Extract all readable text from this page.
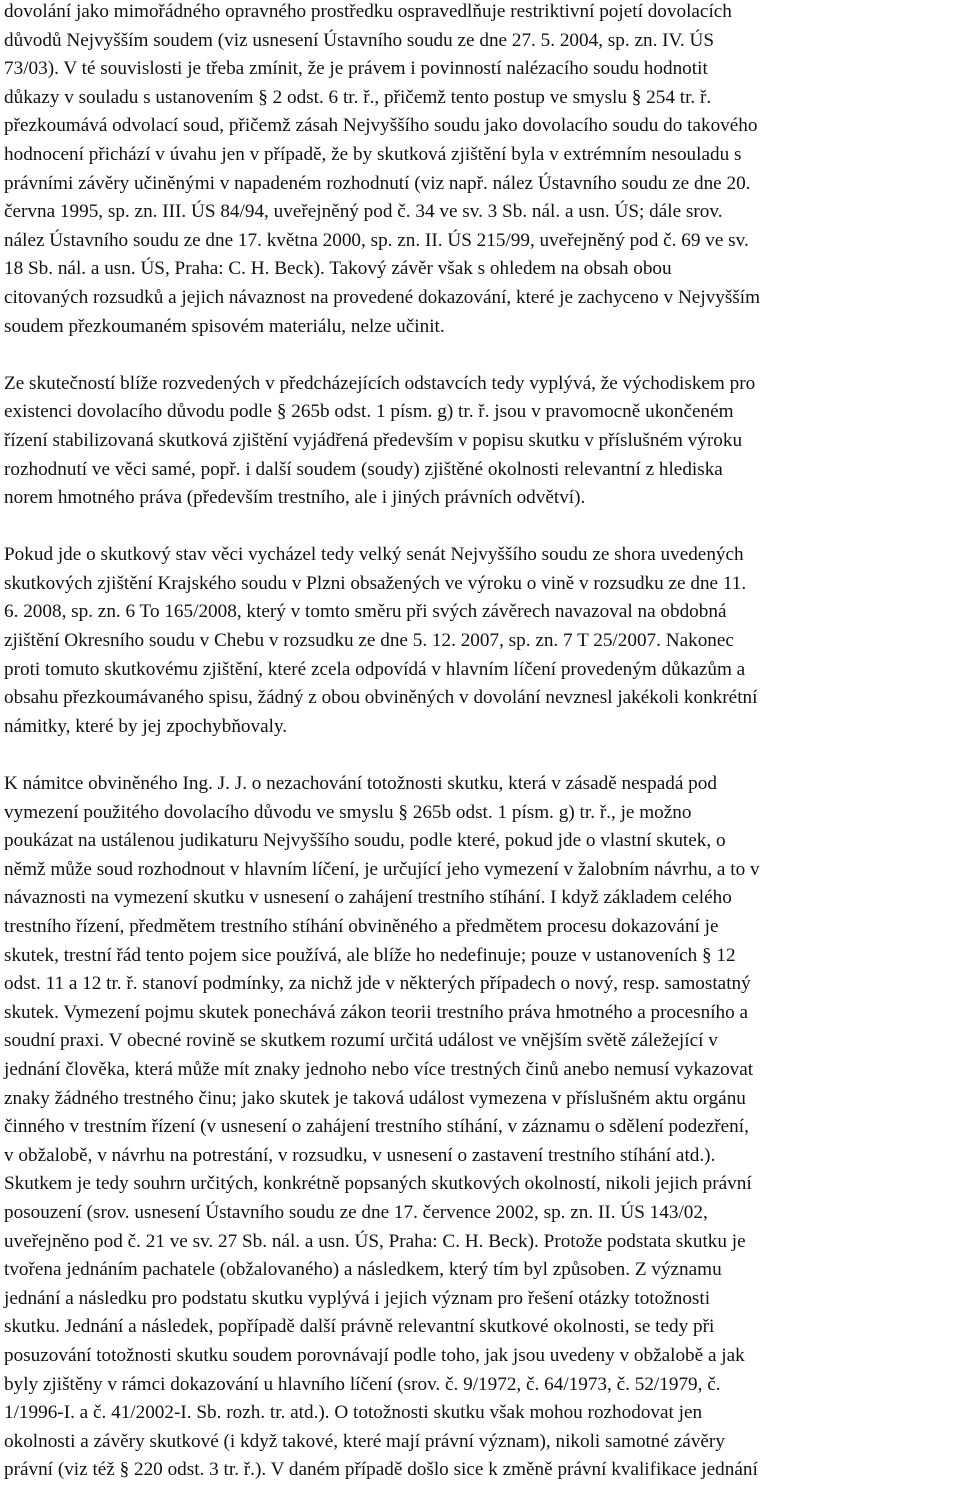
dovolání jako mimořádného opravného prostředku ospravedlňuje restriktivní pojetí dovolacích
důvodů Nejvyšším soudem (viz usnesení Ústavního soudu ze dne 27. 5. 2004, sp. zn. IV. ÚS
73/03). V té souvislosti je třeba zmínit, že je právem i povinností nalézacího soudu hodnotit
důkazy v souladu s ustanovením § 2 odst. 6 tr. ř., přičemž tento postup ve smyslu § 254 tr. ř.
přezkoumává odvolací soud, přičemž zásah Nejvyššího soudu jako dovolacího soudu do takového
hodnocení přichází v úvahu jen v případě, že by skutková zjištění byla v extrémním nesouladu s
právními závěry učiněnými v napadeném rozhodnutí (viz např. nález Ústavního soudu ze dne 20.
června 1995, sp. zn. III. ÚS 84/94, uveřejněný pod č. 34 ve sv. 3 Sb. nál. a usn. ÚS; dále srov.
nález Ústavního soudu ze dne 17. května 2000, sp. zn. II. ÚS 215/99, uveřejněný pod č. 69 ve sv.
18 Sb. nál. a usn. ÚS, Praha: C. H. Beck). Takový závěr však s ohledem na obsah obou
citovaných rozsudků a jejich návaznost na provedené dokazování, které je zachyceno v Nejvyšším
soudem přezkoumaném spisovém materiálu, nelze učinit.
Ze skutečností blíže rozvedených v předcházejících odstavcích tedy vyplývá, že východiskem pro
existenci dovolacího důvodu podle § 265b odst. 1 písm. g) tr. ř. jsou v pravomocně ukončeném
řízení stabilizovaná skutková zjištění vyjádřená především v popisu skutku v příslušném výroku
rozhodnutí ve věci samé, popř. i další soudem (soudy) zjištěné okolnosti relevantní z hlediska
norem hmotného práva (především trestního, ale i jiných právních odvětví).
Pokud jde o skutkový stav věci vycházel tedy velký senát Nejvyššího soudu ze shora uvedených
skutkových zjištění Krajského soudu v Plzni obsažených ve výroku o vině v rozsudku ze dne 11.
6. 2008, sp. zn. 6 To 165/2008, který v tomto směru při svých závěrech navazoval na obdobná
zjištění Okresního soudu v Chebu v rozsudku ze dne 5. 12. 2007, sp. zn. 7 T 25/2007. Nakonec
proti tomuto skutkovému zjištění, které zcela odpovídá v hlavním líčení provedeným důkazům a
obsahu přezkoumávaného spisu, žádný z obou obviněných v dovolání nevznesl jakékoli konkrétní
námitky, které by jej zpochybňovaly.
K námitce obviněného Ing. J. J. o nezachování totožnosti skutku, která v zásadě nespadá pod
vymezení použitého dovolacího důvodu ve smyslu § 265b odst. 1 písm. g) tr. ř., je možno
poukázat na ustálenou judikaturu Nejvyššího soudu, podle které, pokud jde o vlastní skutek, o
němž může soud rozhodnout v hlavním líčení, je určující jeho vymezení v žalobním návrhu, a to v
návaznosti na vymezení skutku v usnesení o zahájení trestního stíhání. I když základem celého
trestního řízení, předmětem trestního stíhání obviněného a předmětem procesu dokazování je
skutek, trestní řád tento pojem sice používá, ale blíže ho nedefinuje; pouze v ustanoveních § 12
odst. 11 a 12 tr. ř. stanoví podmínky, za nichž jde v některých případech o nový, resp. samostatný
skutek. Vymezení pojmu skutek ponechává zákon teorii trestního práva hmotného a procesního a
soudní praxi. V obecné rovině se skutkem rozumí určitá událost ve vnějším světě záležející v
jednání člověka, která může mít znaky jednoho nebo více trestných činů anebo nemusí vykazovat
znaky žádného trestného činu; jako skutek je taková událost vymezena v příslušném aktu orgánu
činného v trestním řízení (v usnesení o zahájení trestního stíhání, v záznamu o sdělení podezření,
v obžalobě, v návrhu na potrestání, v rozsudku, v usnesení o zastavení trestního stíhání atd.).
Skutkem je tedy souhrn určitých, konkrétně popsaných skutkových okolností, nikoli jejich právní
posouzení (srov. usnesení Ústavního soudu ze dne 17. července 2002, sp. zn. II. ÚS 143/02,
uveřejněno pod č. 21 ve sv. 27 Sb. nál. a usn. ÚS, Praha: C. H. Beck). Protože podstata skutku je
tvořena jednáním pachatele (obžalovaného) a následkem, který tím byl způsoben. Z významu
jednání a následku pro podstatu skutku vyplývá i jejich význam pro řešení otázky totožnosti
skutku. Jednání a následek, popřípadě další právně relevantní skutkové okolnosti, se tedy při
posuzování totožnosti skutku soudem porovnávají podle toho, jak jsou uvedeny v obžalobě a jak
byly zjištěny v rámci dokazování u hlavního líčení (srov. č. 9/1972, č. 64/1973, č. 52/1979, č.
1/1996-I. a č. 41/2002-I. Sb. rozh. tr. atd.). O totožnosti skutku však mohou rozhodovat jen
okolnosti a závěry skutkové (i když takové, které mají právní význam), nikoli samotné závěry
právní (viz též § 220 odst. 3 tr. ř.). V daném případě došlo sice k změně právní kvalifikace jednání
